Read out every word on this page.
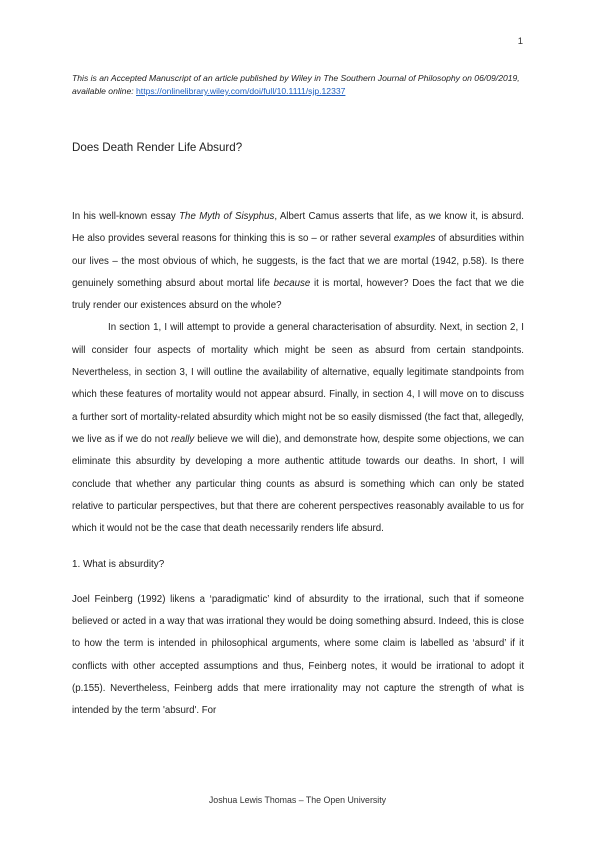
1
This is an Accepted Manuscript of an article published by Wiley in The Southern Journal of Philosophy on 06/09/2019, available online: https://onlinelibrary.wiley.com/doi/full/10.1111/sjp.12337
Does Death Render Life Absurd?

In his well-known essay The Myth of Sisyphus, Albert Camus asserts that life, as we know it, is absurd. He also provides several reasons for thinking this is so – or rather several examples of absurdities within our lives – the most obvious of which, he suggests, is the fact that we are mortal (1942, p.58). Is there genuinely something absurd about mortal life because it is mortal, however? Does the fact that we die truly render our existences absurd on the whole?

In section 1, I will attempt to provide a general characterisation of absurdity. Next, in section 2, I will consider four aspects of mortality which might be seen as absurd from certain standpoints. Nevertheless, in section 3, I will outline the availability of alternative, equally legitimate standpoints from which these features of mortality would not appear absurd. Finally, in section 4, I will move on to discuss a further sort of mortality-related absurdity which might not be so easily dismissed (the fact that, allegedly, we live as if we do not really believe we will die), and demonstrate how, despite some objections, we can eliminate this absurdity by developing a more authentic attitude towards our deaths. In short, I will conclude that whether any particular thing counts as absurd is something which can only be stated relative to particular perspectives, but that there are coherent perspectives reasonably available to us for which it would not be the case that death necessarily renders life absurd.

1. What is absurdity?

Joel Feinberg (1992) likens a ‘paradigmatic’ kind of absurdity to the irrational, such that if someone believed or acted in a way that was irrational they would be doing something absurd. Indeed, this is close to how the term is intended in philosophical arguments, where some claim is labelled as ‘absurd’ if it conflicts with other accepted assumptions and thus, Feinberg notes, it would be irrational to adopt it (p.155). Nevertheless, Feinberg adds that mere irrationality may not capture the strength of what is intended by the term 'absurd'. For

Joshua Lewis Thomas – The Open University
